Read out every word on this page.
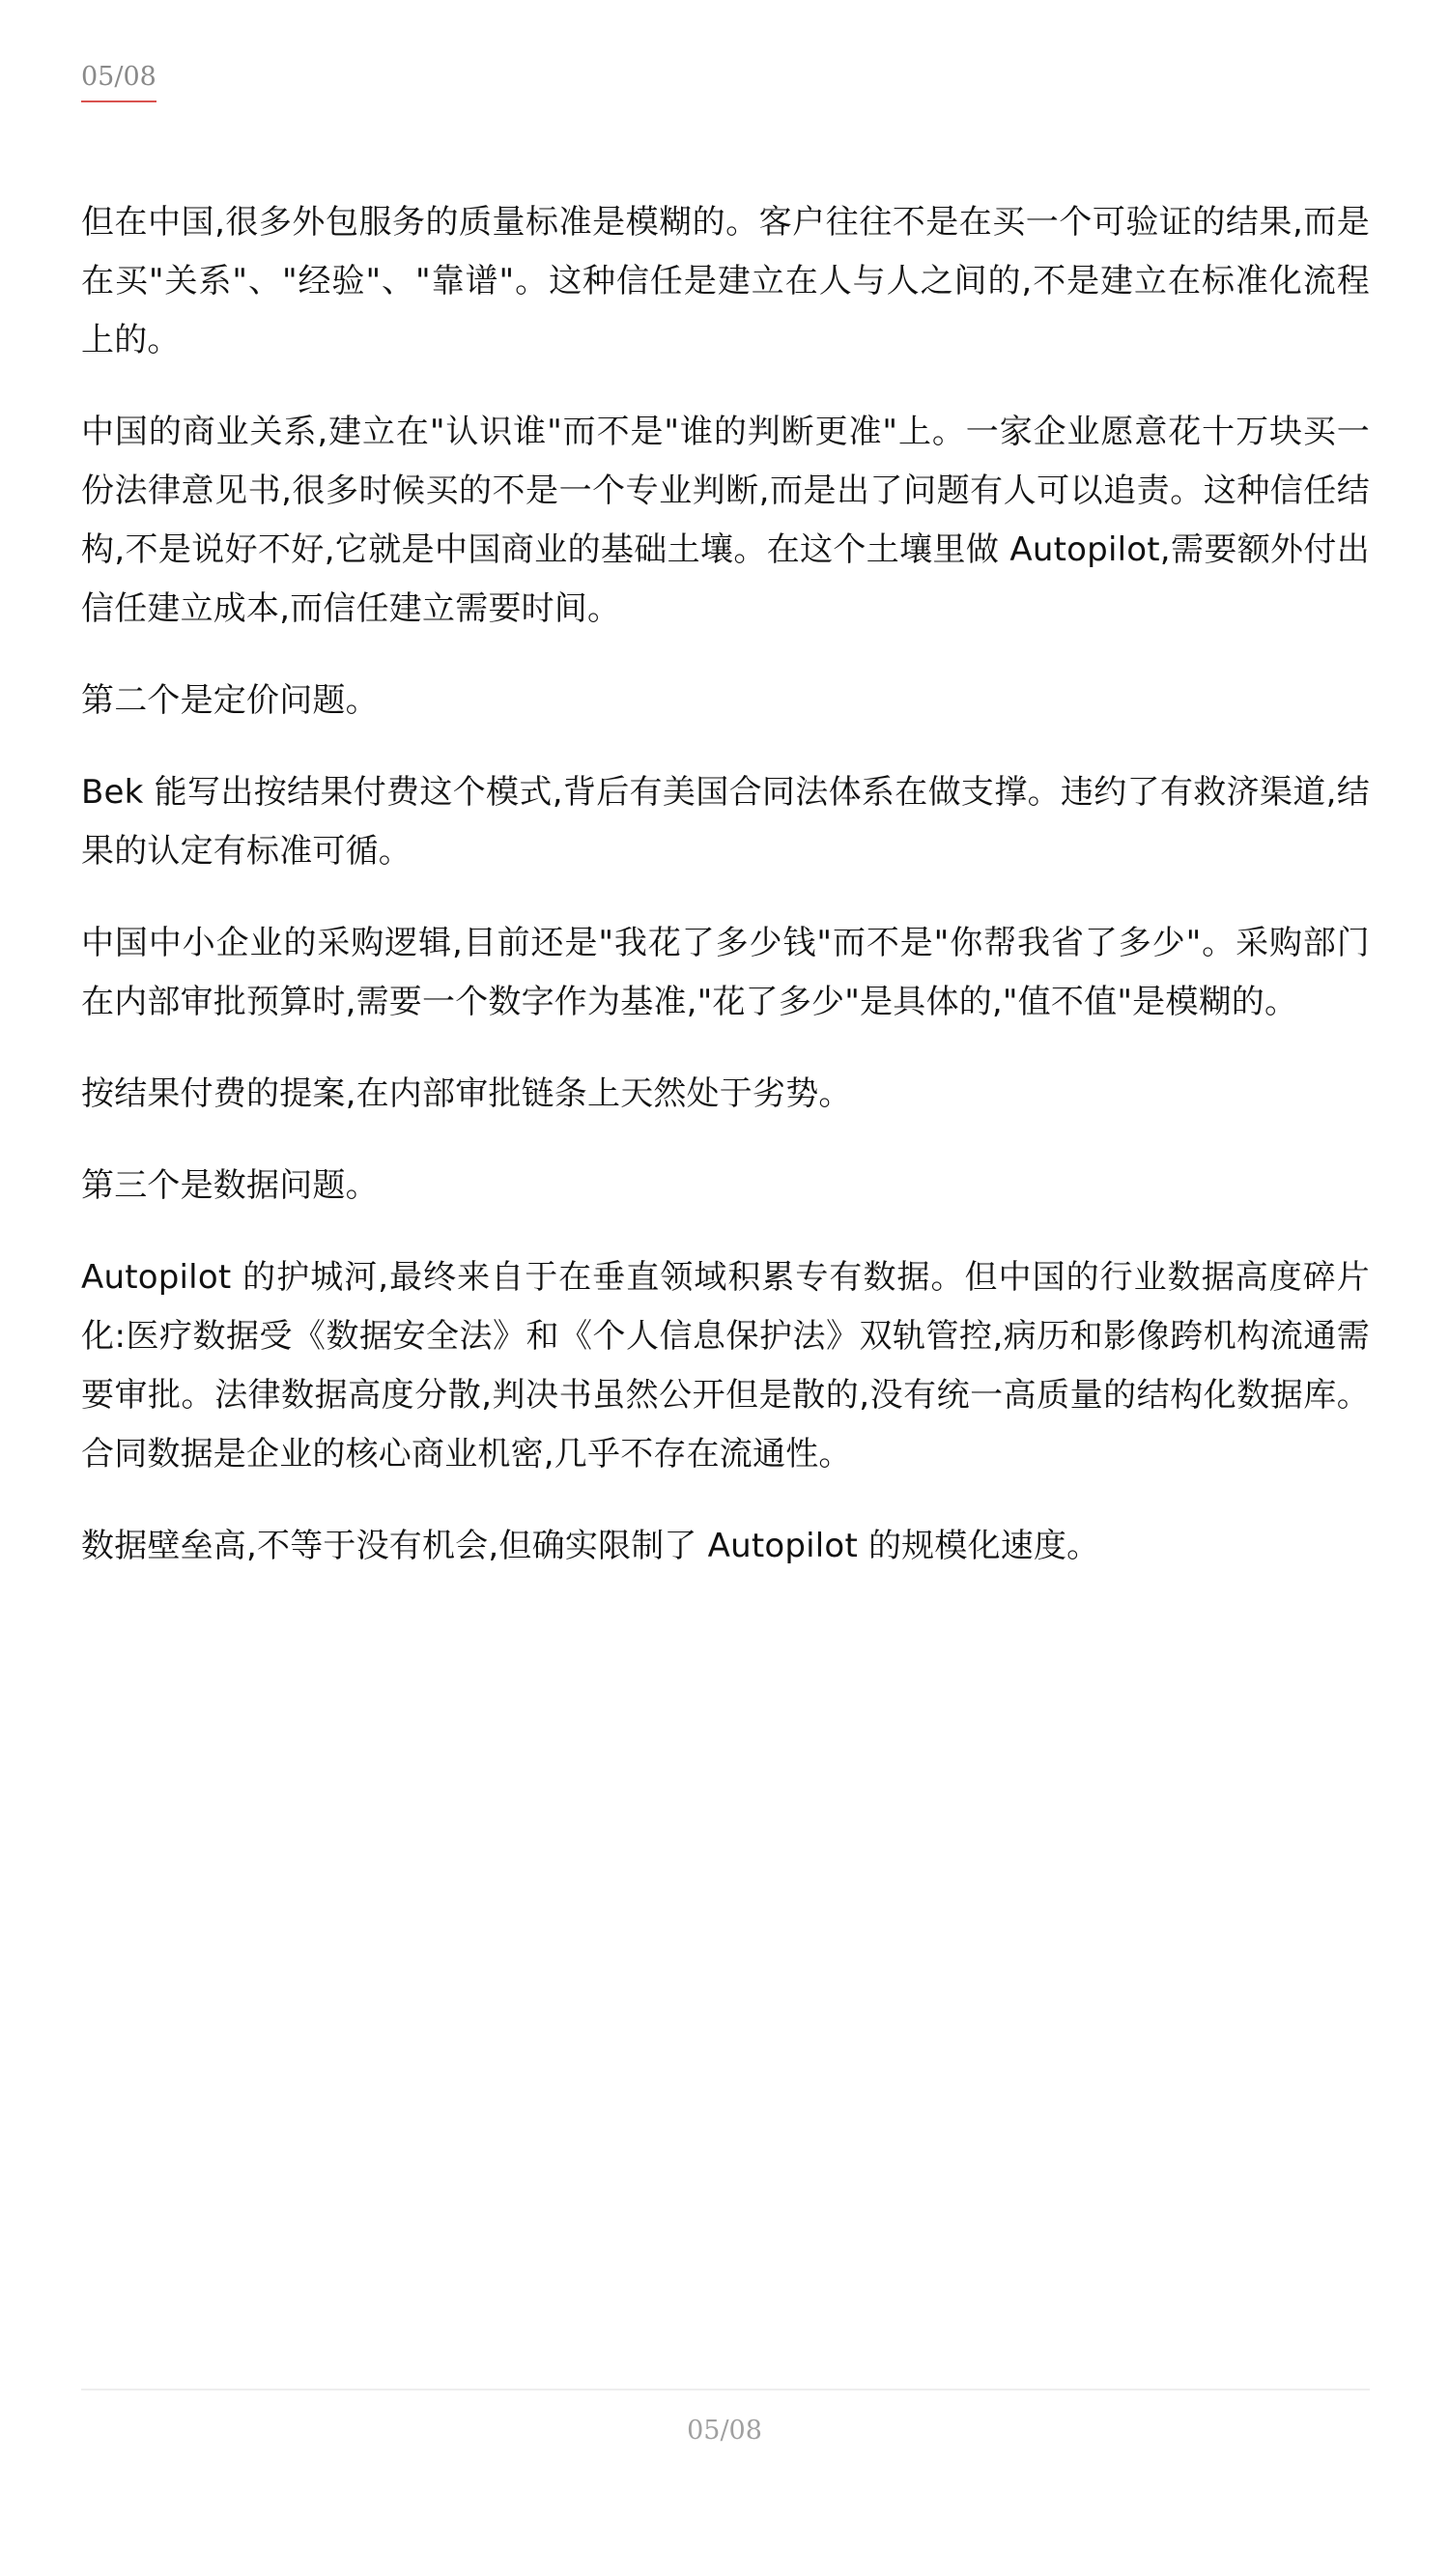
05/08

但在中国,很多外包服务的质量标准是模糊的。客户往往不是在买一个可验证的结果,而是在买"关系"、"经验"、"靠谱"。这种信任是建立在人与人之间的,不是建立在标准化流程上的。

中国的商业关系,建立在"认识谁"而不是"谁的判断更准"上。一家企业愿意花十万块买一份法律意见书,很多时候买的不是一个专业判断,而是出了问题有人可以追责。这种信任结构,不是说好不好,它就是中国商业的基础土壤。在这个土壤里做 Autopilot,需要额外付出信任建立成本,而信任建立需要时间。

第二个是定价问题。

Bek 能写出按结果付费这个模式,背后有美国合同法体系在做支撑。违约了有救济渠道,结果的认定有标准可循。

中国中小企业的采购逻辑,目前还是"我花了多少钱"而不是"你帮我省了多少"。采购部门在内部审批预算时,需要一个数字作为基准,"花了多少"是具体的,"值不值"是模糊的。

按结果付费的提案,在内部审批链条上天然处于劣势。

第三个是数据问题。

Autopilot 的护城河,最终来自于在垂直领域积累专有数据。但中国的行业数据高度碎片化:医疗数据受《数据安全法》和《个人信息保护法》双轨管控,病历和影像跨机构流通需要审批。法律数据高度分散,判决书虽然公开但是散的,没有统一高质量的结构化数据库。合同数据是企业的核心商业机密,几乎不存在流通性。

数据壁垒高,不等于没有机会,但确实限制了 Autopilot 的规模化速度。

05/08
